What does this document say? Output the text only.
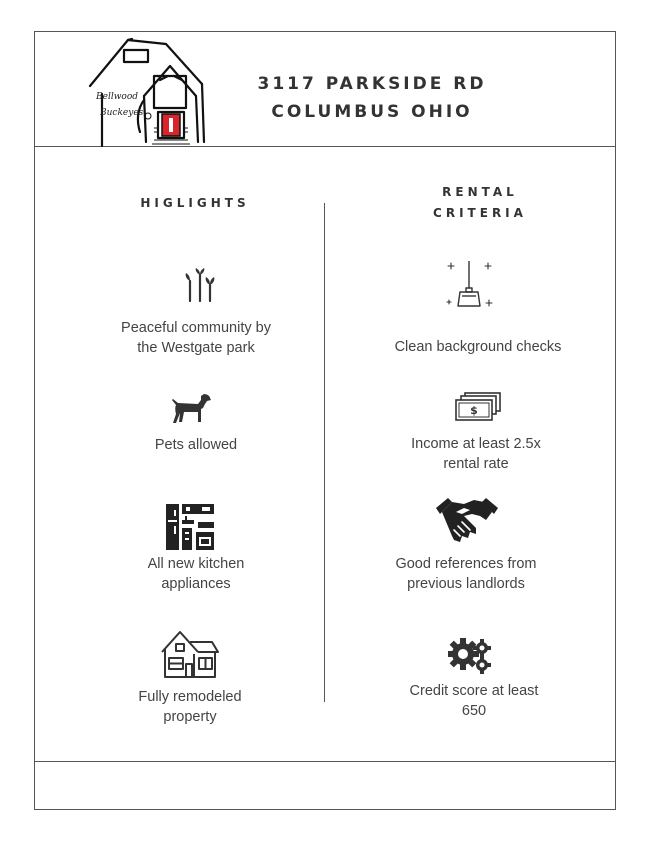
Bellwood
Buckeyes
3117 PARKSIDE RD
COLUMBUS OHIO
HIGLIGHTS
RENTAL
CRITERIA
$
Peaceful community by
the Westgate park
Pets allowed
All new kitchen
appliances
Fully remodeled
property
Clean background checks
Income at least 2.5x
rental rate
Good references from
previous landlords
Credit score at least
650
